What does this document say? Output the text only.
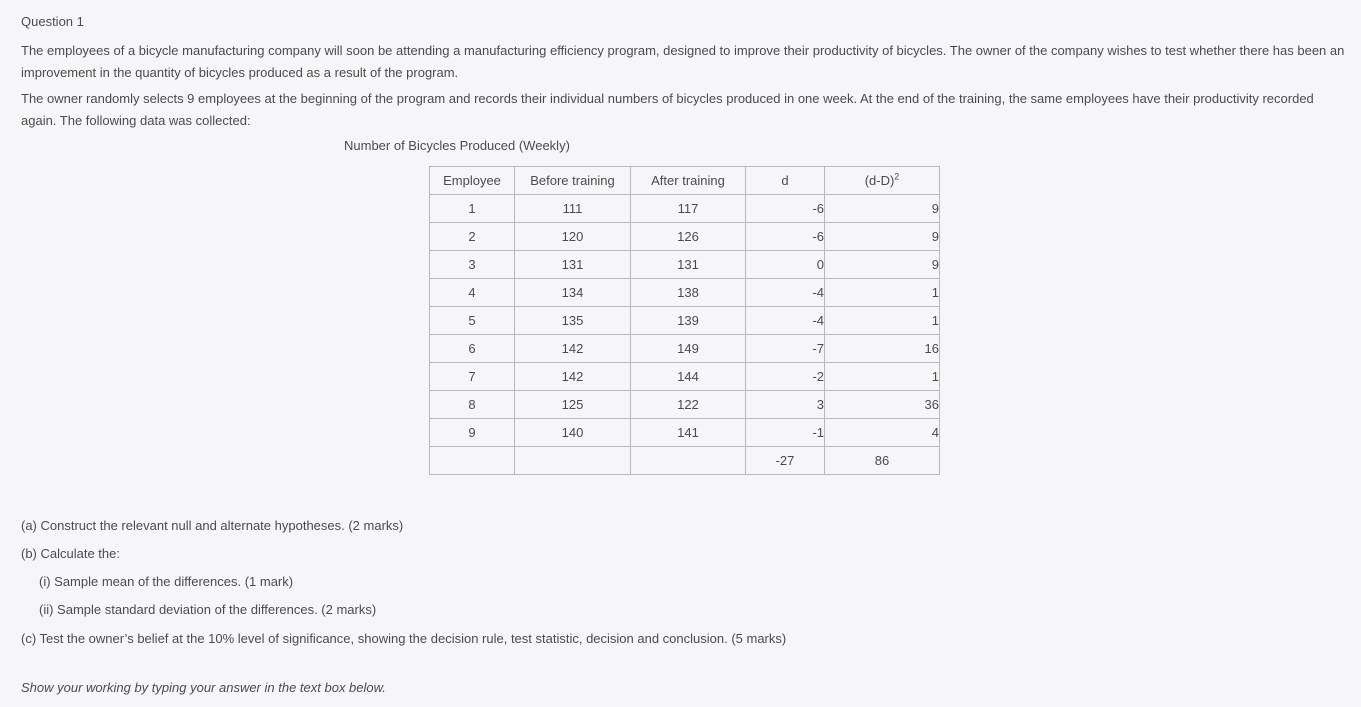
Question 1
The employees of a bicycle manufacturing company will soon be attending a manufacturing efficiency program, designed to improve their productivity of bicycles. The owner of the company wishes to test whether there has been an improvement in the quantity of bicycles produced as a result of the program.
The owner randomly selects 9 employees at the beginning of the program and records their individual numbers of bicycles produced in one week. At the end of the training, the same employees have their productivity recorded again. The following data was collected:
Number of Bicycles Produced (Weekly)
Employee	Before training	After training	d	$(d-D)^2$
1	111	117	-6	9
2	120	126	-6	9
3	131	131	0	9
4	134	138	-4	1
5	135	139	-4	1
6	142	149	-7	16
7	142	144	-2	1
8	125	122	3	36
9	140	141	-1	4
			-27	86
(a) Construct the relevant null and alternate hypotheses. (2 marks)
(b) Calculate the:
(i) Sample mean of the differences. (1 mark)
(ii) Sample standard deviation of the differences. (2 marks)
(c) Test the owner’s belief at the 10% level of significance, showing the decision rule, test statistic, decision and conclusion. (5 marks)
Show your working by typing your answer in the text box below.
